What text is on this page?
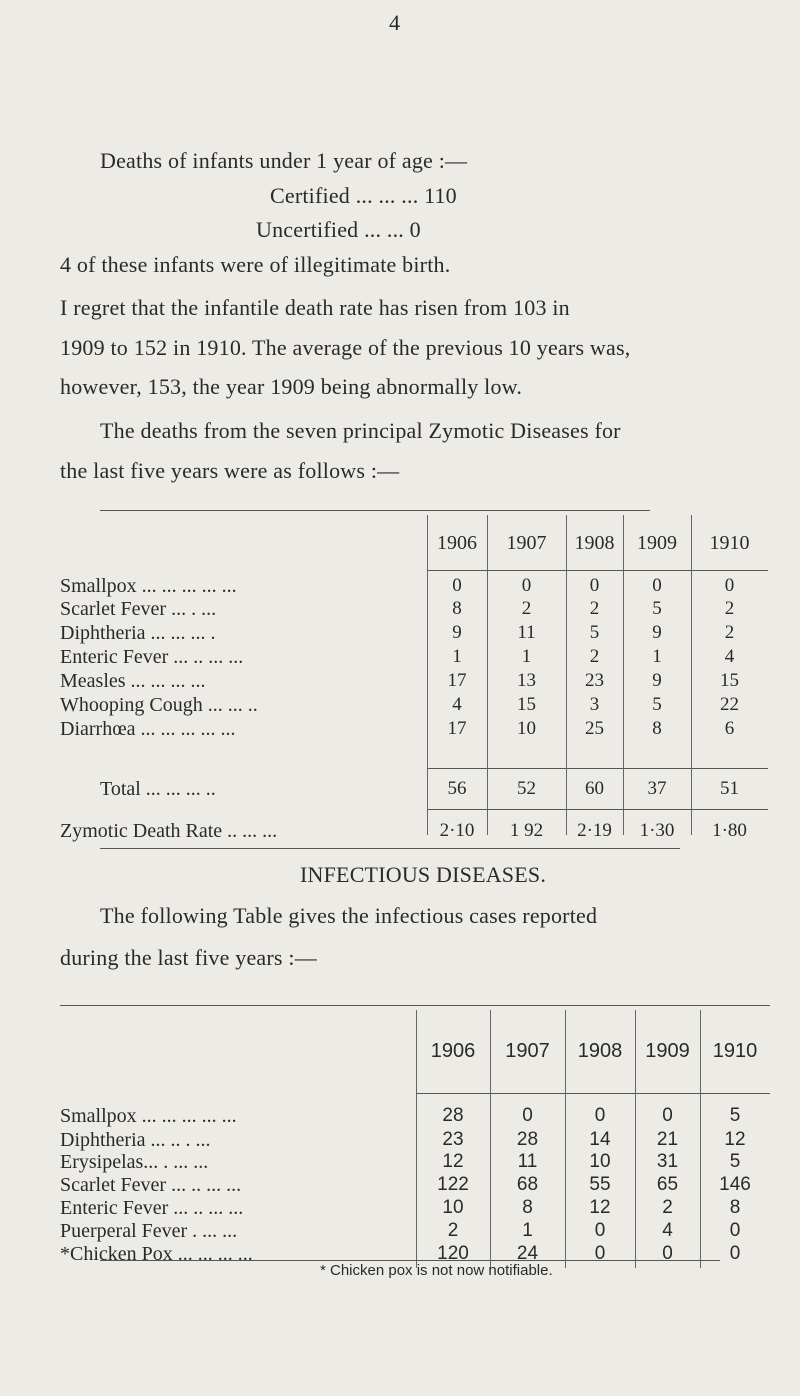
4
Deaths of infants under 1 year of age :—
Certified ... ... ... 110
Uncertified ... ... 0
4 of these infants were of illegitimate birth.
I regret that the infantile death rate has risen from 103 in
1909 to 152 in 1910. The average of the previous 10 years was,
however, 153, the year 1909 being abnormally low.
The deaths from the seven principal Zymotic Diseases for
the last five years were as follows :—
1906	1907	1908	1909	1910
Smallpox ... ... ... ... ...	0	0	0	0	0
Scarlet Fever ... . ...	8	2	2	5	2
Diphtheria ... ... ... .	9	11	5	9	2
Enteric Fever ... .. ... ...	1	1	2	1	4
Measles ... ... ... ...	17	13	23	9	15
Whooping Cough ... ... ..	4	15	3	5	22
Diarrhœa ... ... ... ... ...	17	10	25	8	6
Total ... ... ... ..	56	52	60	37	51
Zymotic Death Rate .. ... ...	2·10	1 92	2·19	1·30	1·80
INFECTIOUS DISEASES.
The following Table gives the infectious cases reported
during the last five years :—
1906	1907	1908	1909	1910
Smallpox ... ... ... ... ...	28	0	0	0	5
Diphtheria ... .. . ...	23	28	14	21	12
Erysipelas... . ... ...	12	11	10	31	5
Scarlet Fever ... .. ... ...	122	68	55	65	146
Enteric Fever ... .. ... ...	10	8	12	2	8
Puerperal Fever . ... ...	2	1	0	4	0
*Chicken Pox ... ... ... ...	120	24	0	0	0
* Chicken pox is not now notifiable.
